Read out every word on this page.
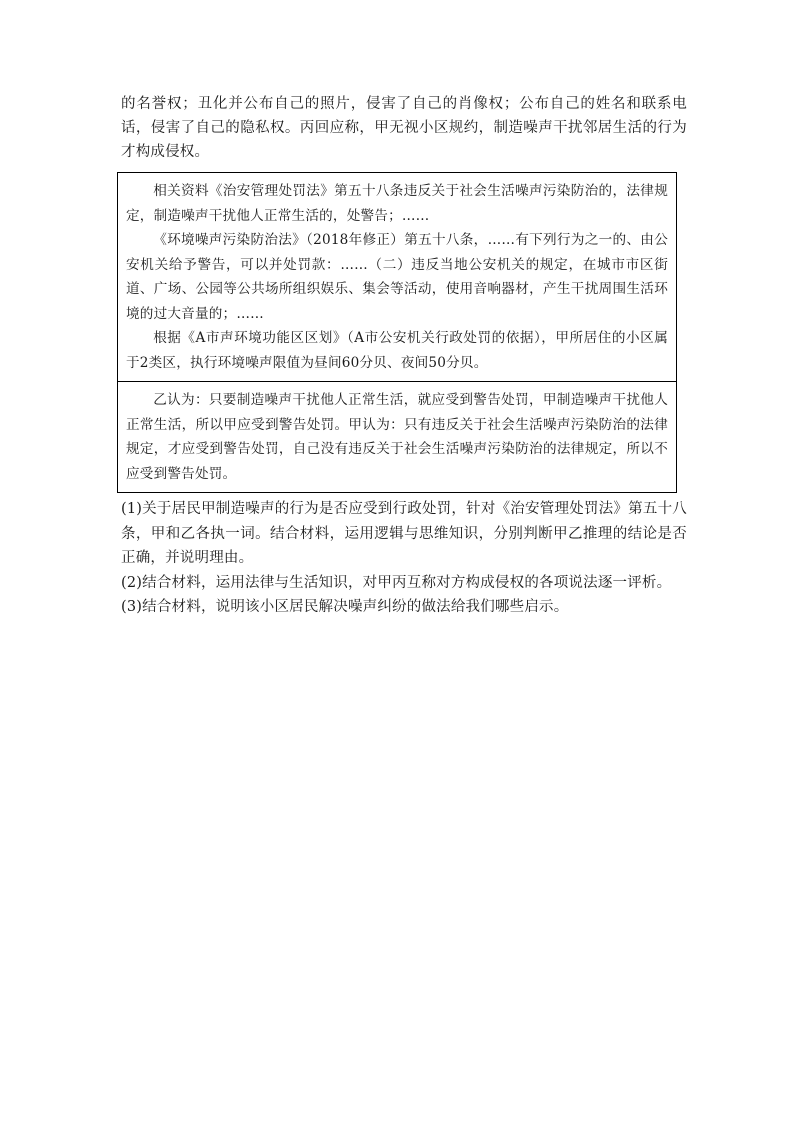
的名誉权；丑化并公布自己的照片，侵害了自己的肖像权；公布自己的姓名和联系电话，侵害了自己的隐私权。丙回应称，甲无视小区规约，制造噪声干扰邻居生活的行为才构成侵权。

相关资料《治安管理处罚法》第五十八条违反关于社会生活噪声污染防治的，法律规定，制造噪声干扰他人正常生活的，处警告；……

《环境噪声污染防治法》（2018年修正）第五十八条，……有下列行为之一的、由公安机关给予警告，可以并处罚款：……（二）违反当地公安机关的规定，在城市市区街道、广场、公园等公共场所组织娱乐、集会等活动，使用音响器材，产生干扰周围生活环境的过大音量的；……

根据《A市声环境功能区区划》（A市公安机关行政处罚的依据），甲所居住的小区属于2类区，执行环境噪声限值为昼间60分贝、夜间50分贝。

乙认为：只要制造噪声干扰他人正常生活，就应受到警告处罚，甲制造噪声干扰他人正常生活，所以甲应受到警告处罚。甲认为：只有违反关于社会生活噪声污染防治的法律规定，才应受到警告处罚，自己没有违反关于社会生活噪声污染防治的法律规定，所以不应受到警告处罚。

(1)关于居民甲制造噪声的行为是否应受到行政处罚，针对《治安管理处罚法》第五十八条，甲和乙各执一词。结合材料，运用逻辑与思维知识，分别判断甲乙推理的结论是否正确，并说明理由。

(2)结合材料，运用法律与生活知识，对甲丙互称对方构成侵权的各项说法逐一评析。

(3)结合材料，说明该小区居民解决噪声纠纷的做法给我们哪些启示。
